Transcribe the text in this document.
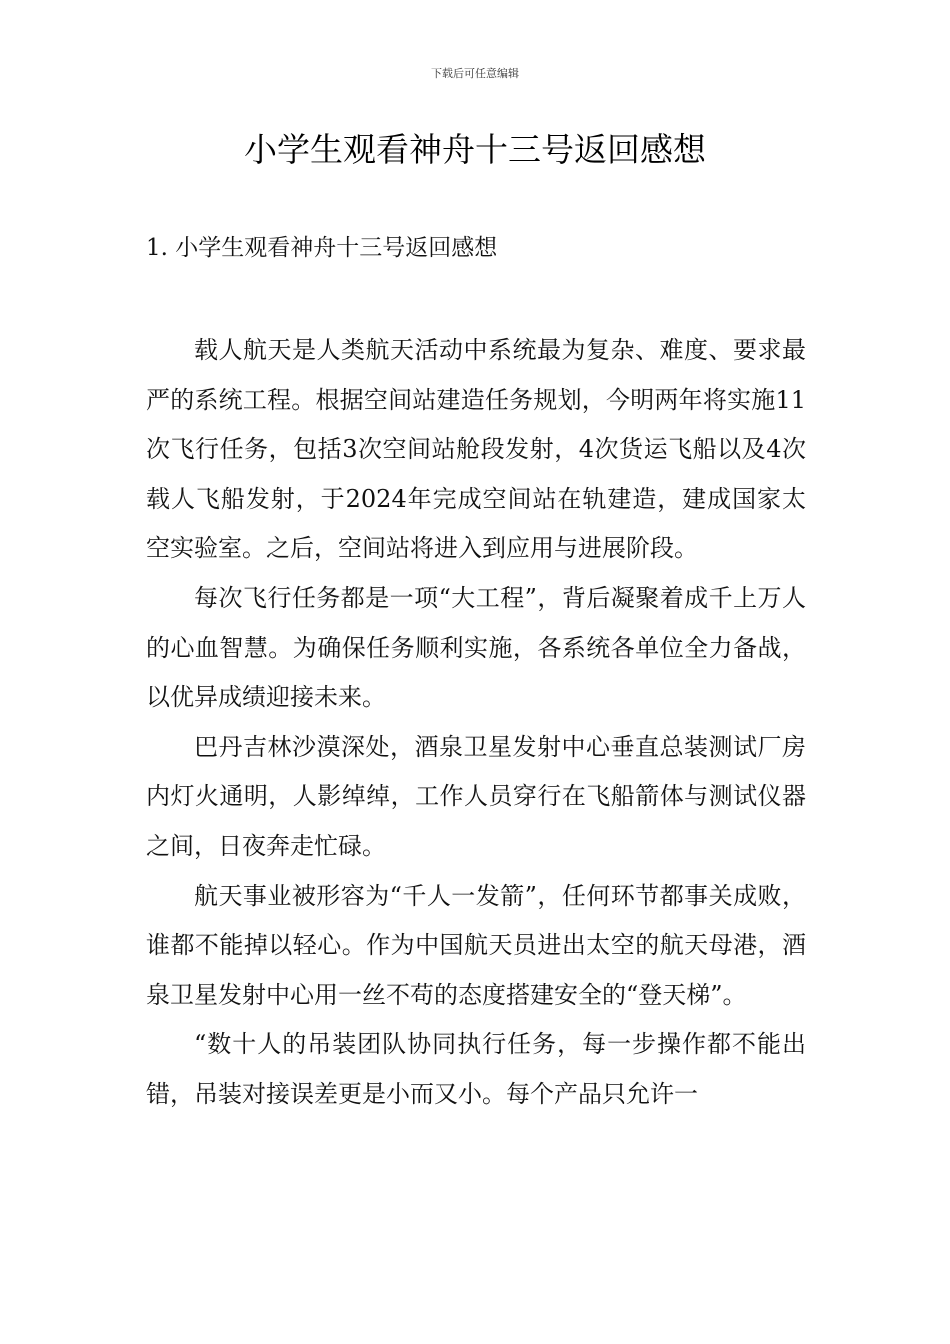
下载后可任意编辑
小学生观看神舟十三号返回感想
1. 小学生观看神舟十三号返回感想

载人航天是人类航天活动中系统最为复杂、难度、要求最严的系统工程。根据空间站建造任务规划，今明两年将实施11次飞行任务，包括3次空间站舱段发射，4次货运飞船以及4次载人飞船发射，于2024年完成空间站在轨建造，建成国家太空实验室。之后，空间站将进入到应用与进展阶段。

每次飞行任务都是一项“大工程”，背后凝聚着成千上万人的心血智慧。为确保任务顺利实施，各系统各单位全力备战，以优异成绩迎接未来。

巴丹吉林沙漠深处，酒泉卫星发射中心垂直总装测试厂房内灯火通明，人影绰绰，工作人员穿行在飞船箭体与测试仪器之间，日夜奔走忙碌。

航天事业被形容为“千人一发箭”，任何环节都事关成败，谁都不能掉以轻心。作为中国航天员进出太空的航天母港，酒泉卫星发射中心用一丝不苟的态度搭建安全的“登天梯”。

“数十人的吊装团队协同执行任务，每一步操作都不能出错，吊装对接误差更是小而又小。每个产品只允许一
